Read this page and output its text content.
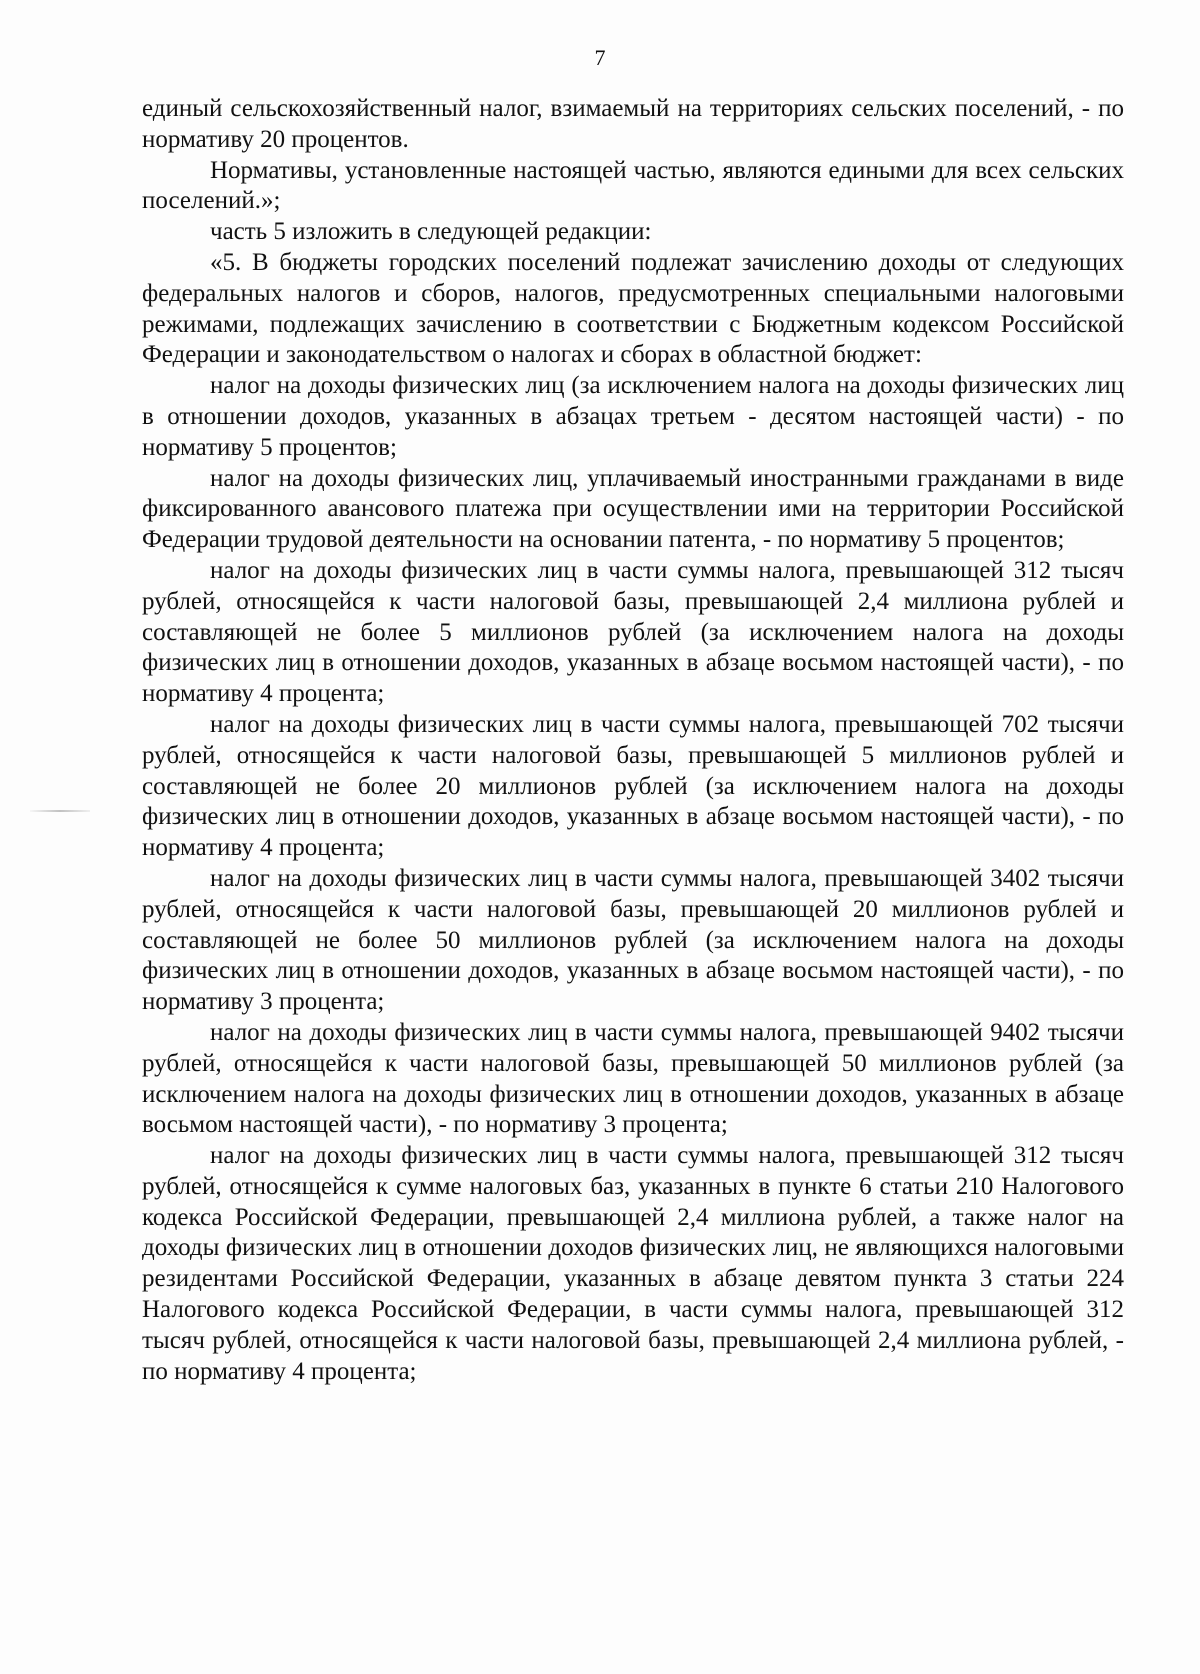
7

единый сельскохозяйственный налог, взимаемый на территориях сельских поселений, - по нормативу 20 процентов.

Нормативы, установленные настоящей частью, являются едиными для всех сельских поселений.»;

часть 5 изложить в следующей редакции:

«5. В бюджеты городских поселений подлежат зачислению доходы от следующих федеральных налогов и сборов, налогов, предусмотренных специальными налоговыми режимами, подлежащих зачислению в соответствии с Бюджетным кодексом Российской Федерации и законодательством о налогах и сборах в областной бюджет:

налог на доходы физических лиц (за исключением налога на доходы физических лиц в отношении доходов, указанных в абзацах третьем - десятом настоящей части) - по нормативу 5 процентов;

налог на доходы физических лиц, уплачиваемый иностранными гражданами в виде фиксированного авансового платежа при осуществлении ими на территории Российской Федерации трудовой деятельности на основании патента, - по нормативу 5 процентов;

налог на доходы физических лиц в части суммы налога, превышающей 312 тысяч рублей, относящейся к части налоговой базы, превышающей 2,4 миллиона рублей и составляющей не более 5 миллионов рублей (за исключением налога на доходы физических лиц в отношении доходов, указанных в абзаце восьмом настоящей части), - по нормативу 4 процента;

налог на доходы физических лиц в части суммы налога, превышающей 702 тысячи рублей, относящейся к части налоговой базы, превышающей 5 миллионов рублей и составляющей не более 20 миллионов рублей (за исключением налога на доходы физических лиц в отношении доходов, указанных в абзаце восьмом настоящей части), - по нормативу 4 процента;

налог на доходы физических лиц в части суммы налога, превышающей 3402 тысячи рублей, относящейся к части налоговой базы, превышающей 20 миллионов рублей и составляющей не более 50 миллионов рублей (за исключением налога на доходы физических лиц в отношении доходов, указанных в абзаце восьмом настоящей части), - по нормативу 3 процента;

налог на доходы физических лиц в части суммы налога, превышающей 9402 тысячи рублей, относящейся к части налоговой базы, превышающей 50 миллионов рублей (за исключением налога на доходы физических лиц в отношении доходов, указанных в абзаце восьмом настоящей части), - по нормативу 3 процента;

налог на доходы физических лиц в части суммы налога, превышающей 312 тысяч рублей, относящейся к сумме налоговых баз, указанных в пункте 6 статьи 210 Налогового кодекса Российской Федерации, превышающей 2,4 миллиона рублей, а также налог на доходы физических лиц в отношении доходов физических лиц, не являющихся налоговыми резидентами Российской Федерации, указанных в абзаце девятом пункта 3 статьи 224 Налогового кодекса Российской Федерации, в части суммы налога, превышающей 312 тысяч рублей, относящейся к части налоговой базы, превышающей 2,4 миллиона рублей, - по нормативу 4 процента;
